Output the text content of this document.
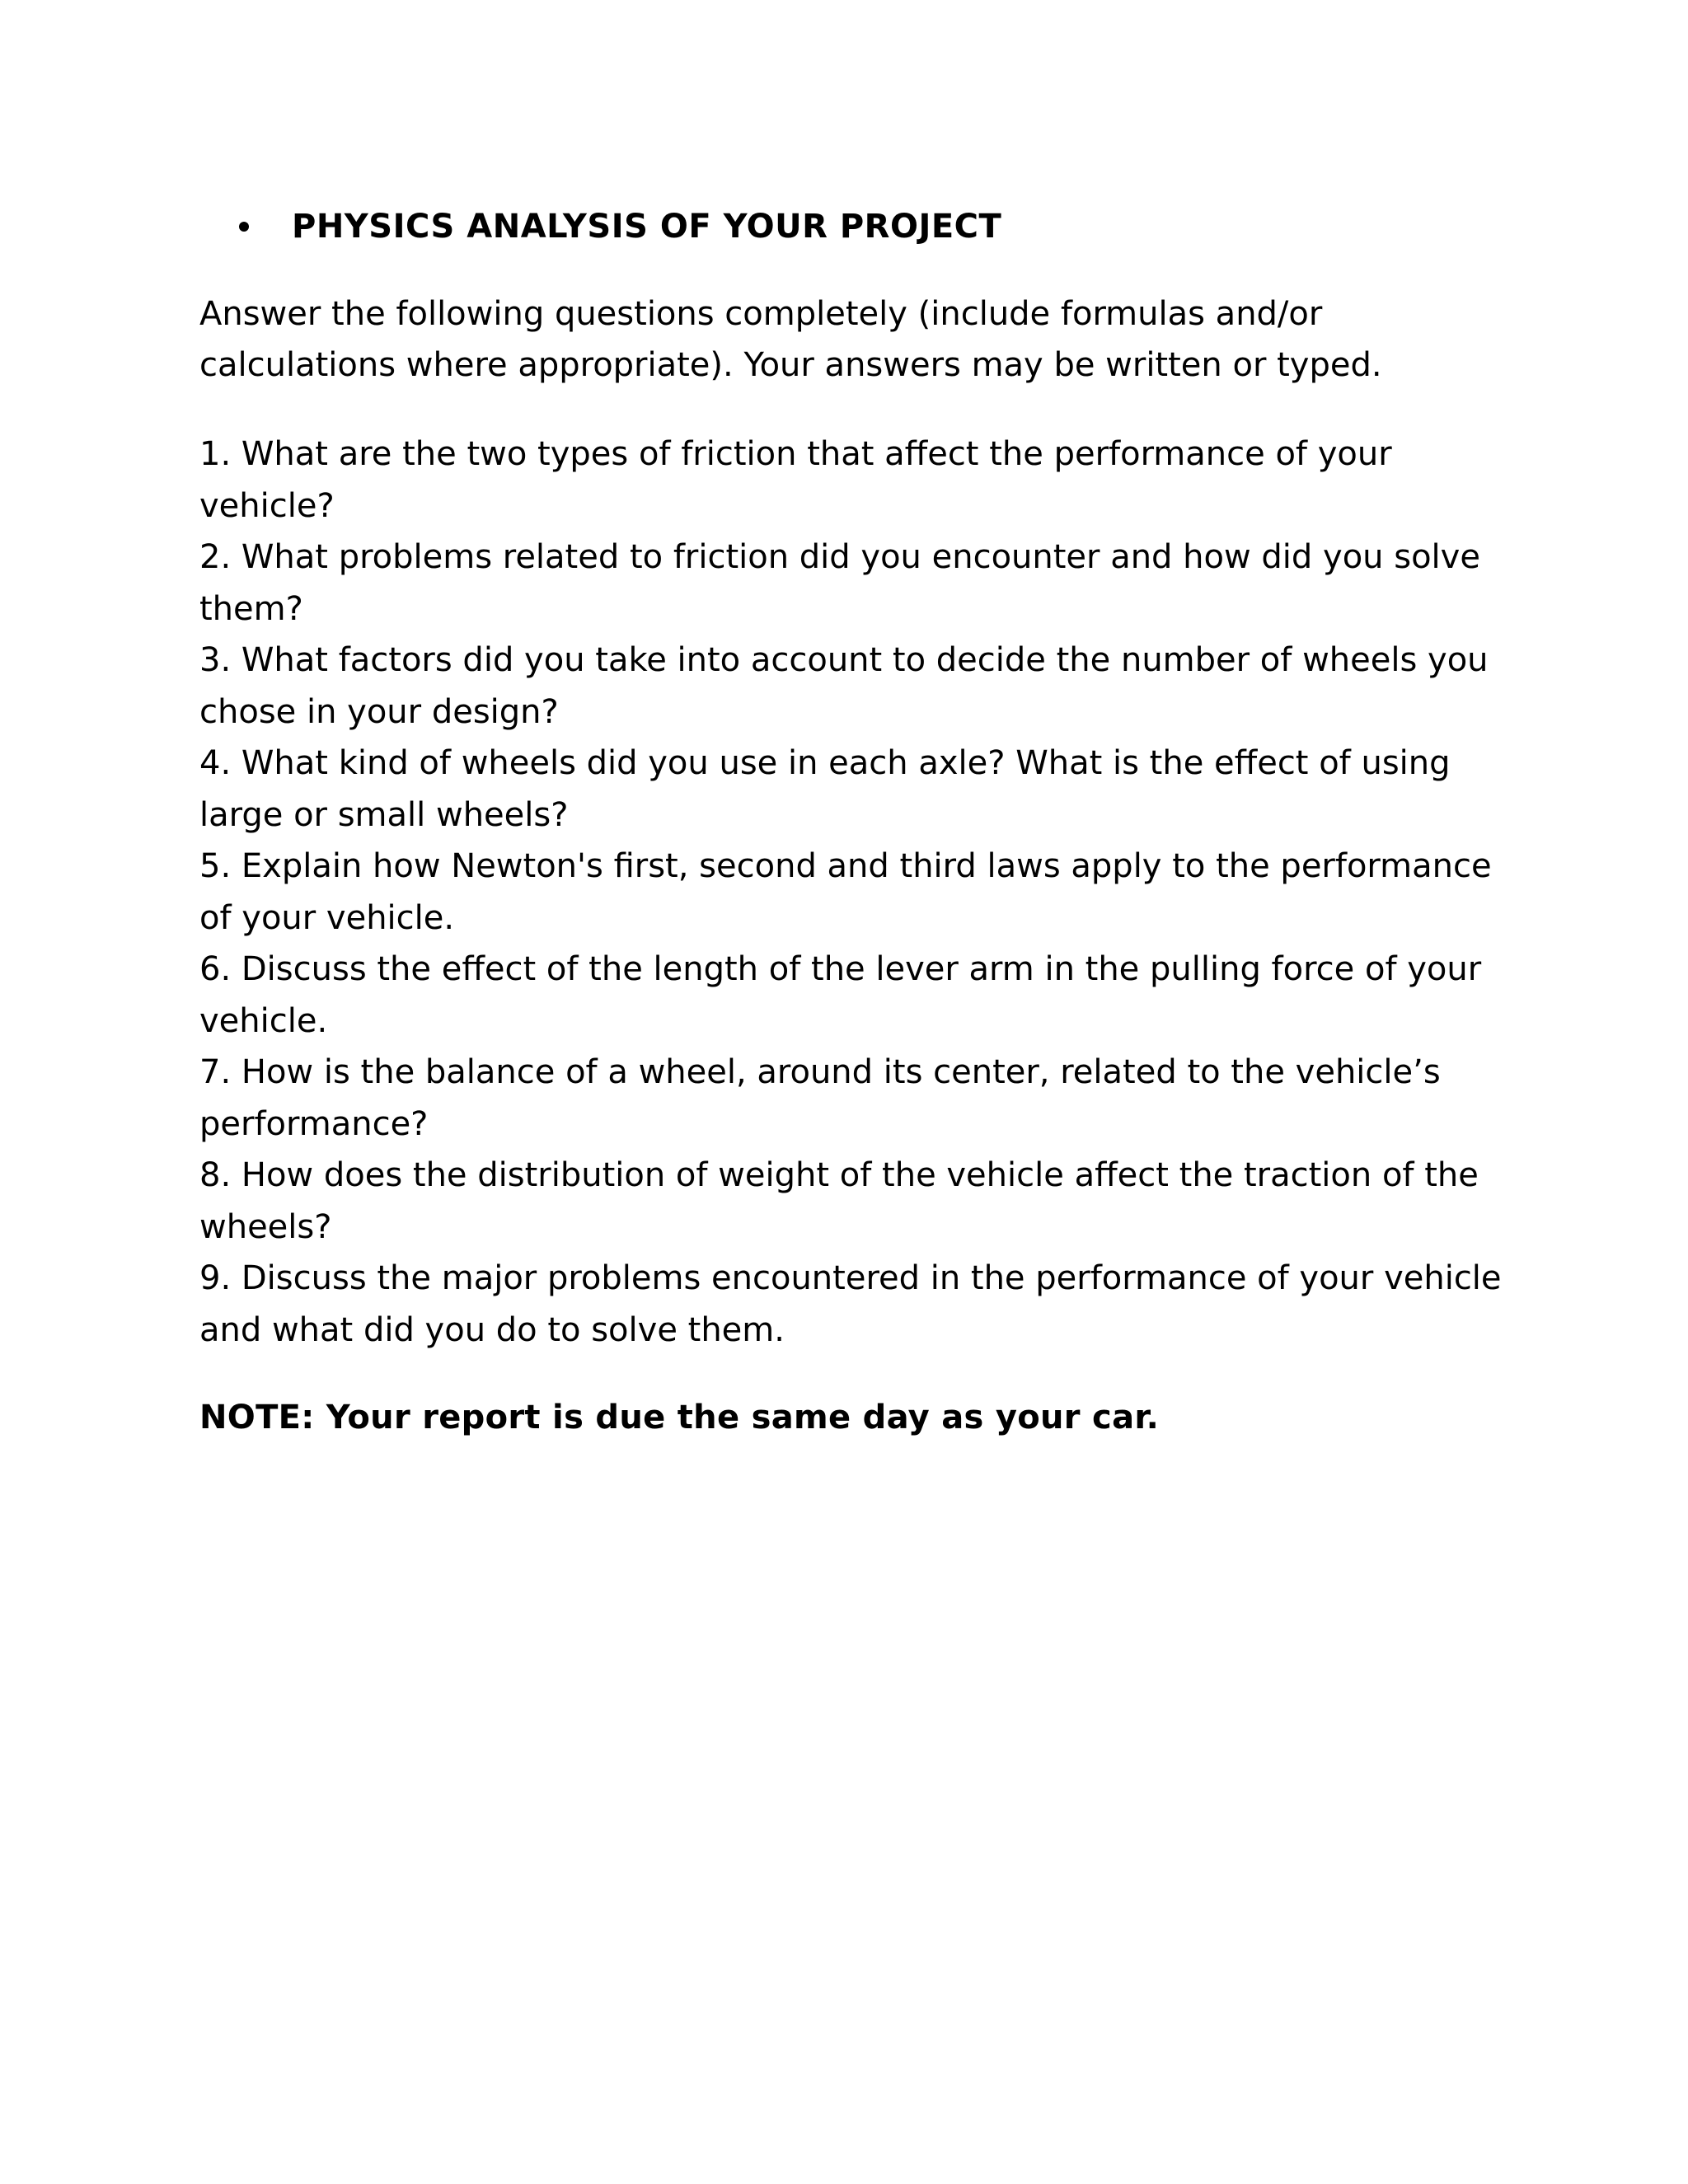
PHYSICS ANALYSIS OF YOUR PROJECT
Answer the following questions completely (include formulas and/or calculations where appropriate). Your answers may be written or typed.

1. What are the two types of friction that affect the performance of your vehicle?

2. What problems related to friction did you encounter and how did you solve them?

3. What factors did you take into account to decide the number of wheels you chose in your design?

4. What kind of wheels did you use in each axle? What is the effect of using large or small wheels?

5. Explain how Newton's first, second and third laws apply to the performance of your vehicle.

6. Discuss the effect of the length of the lever arm in the pulling force of your vehicle.

7. How is the balance of a wheel, around its center, related to the vehicle’s performance?

8. How does the distribution of weight of the vehicle affect the traction of the wheels?

9. Discuss the major problems encountered in the performance of your vehicle and what did you do to solve them.

NOTE: Your report is due the same day as your car.
